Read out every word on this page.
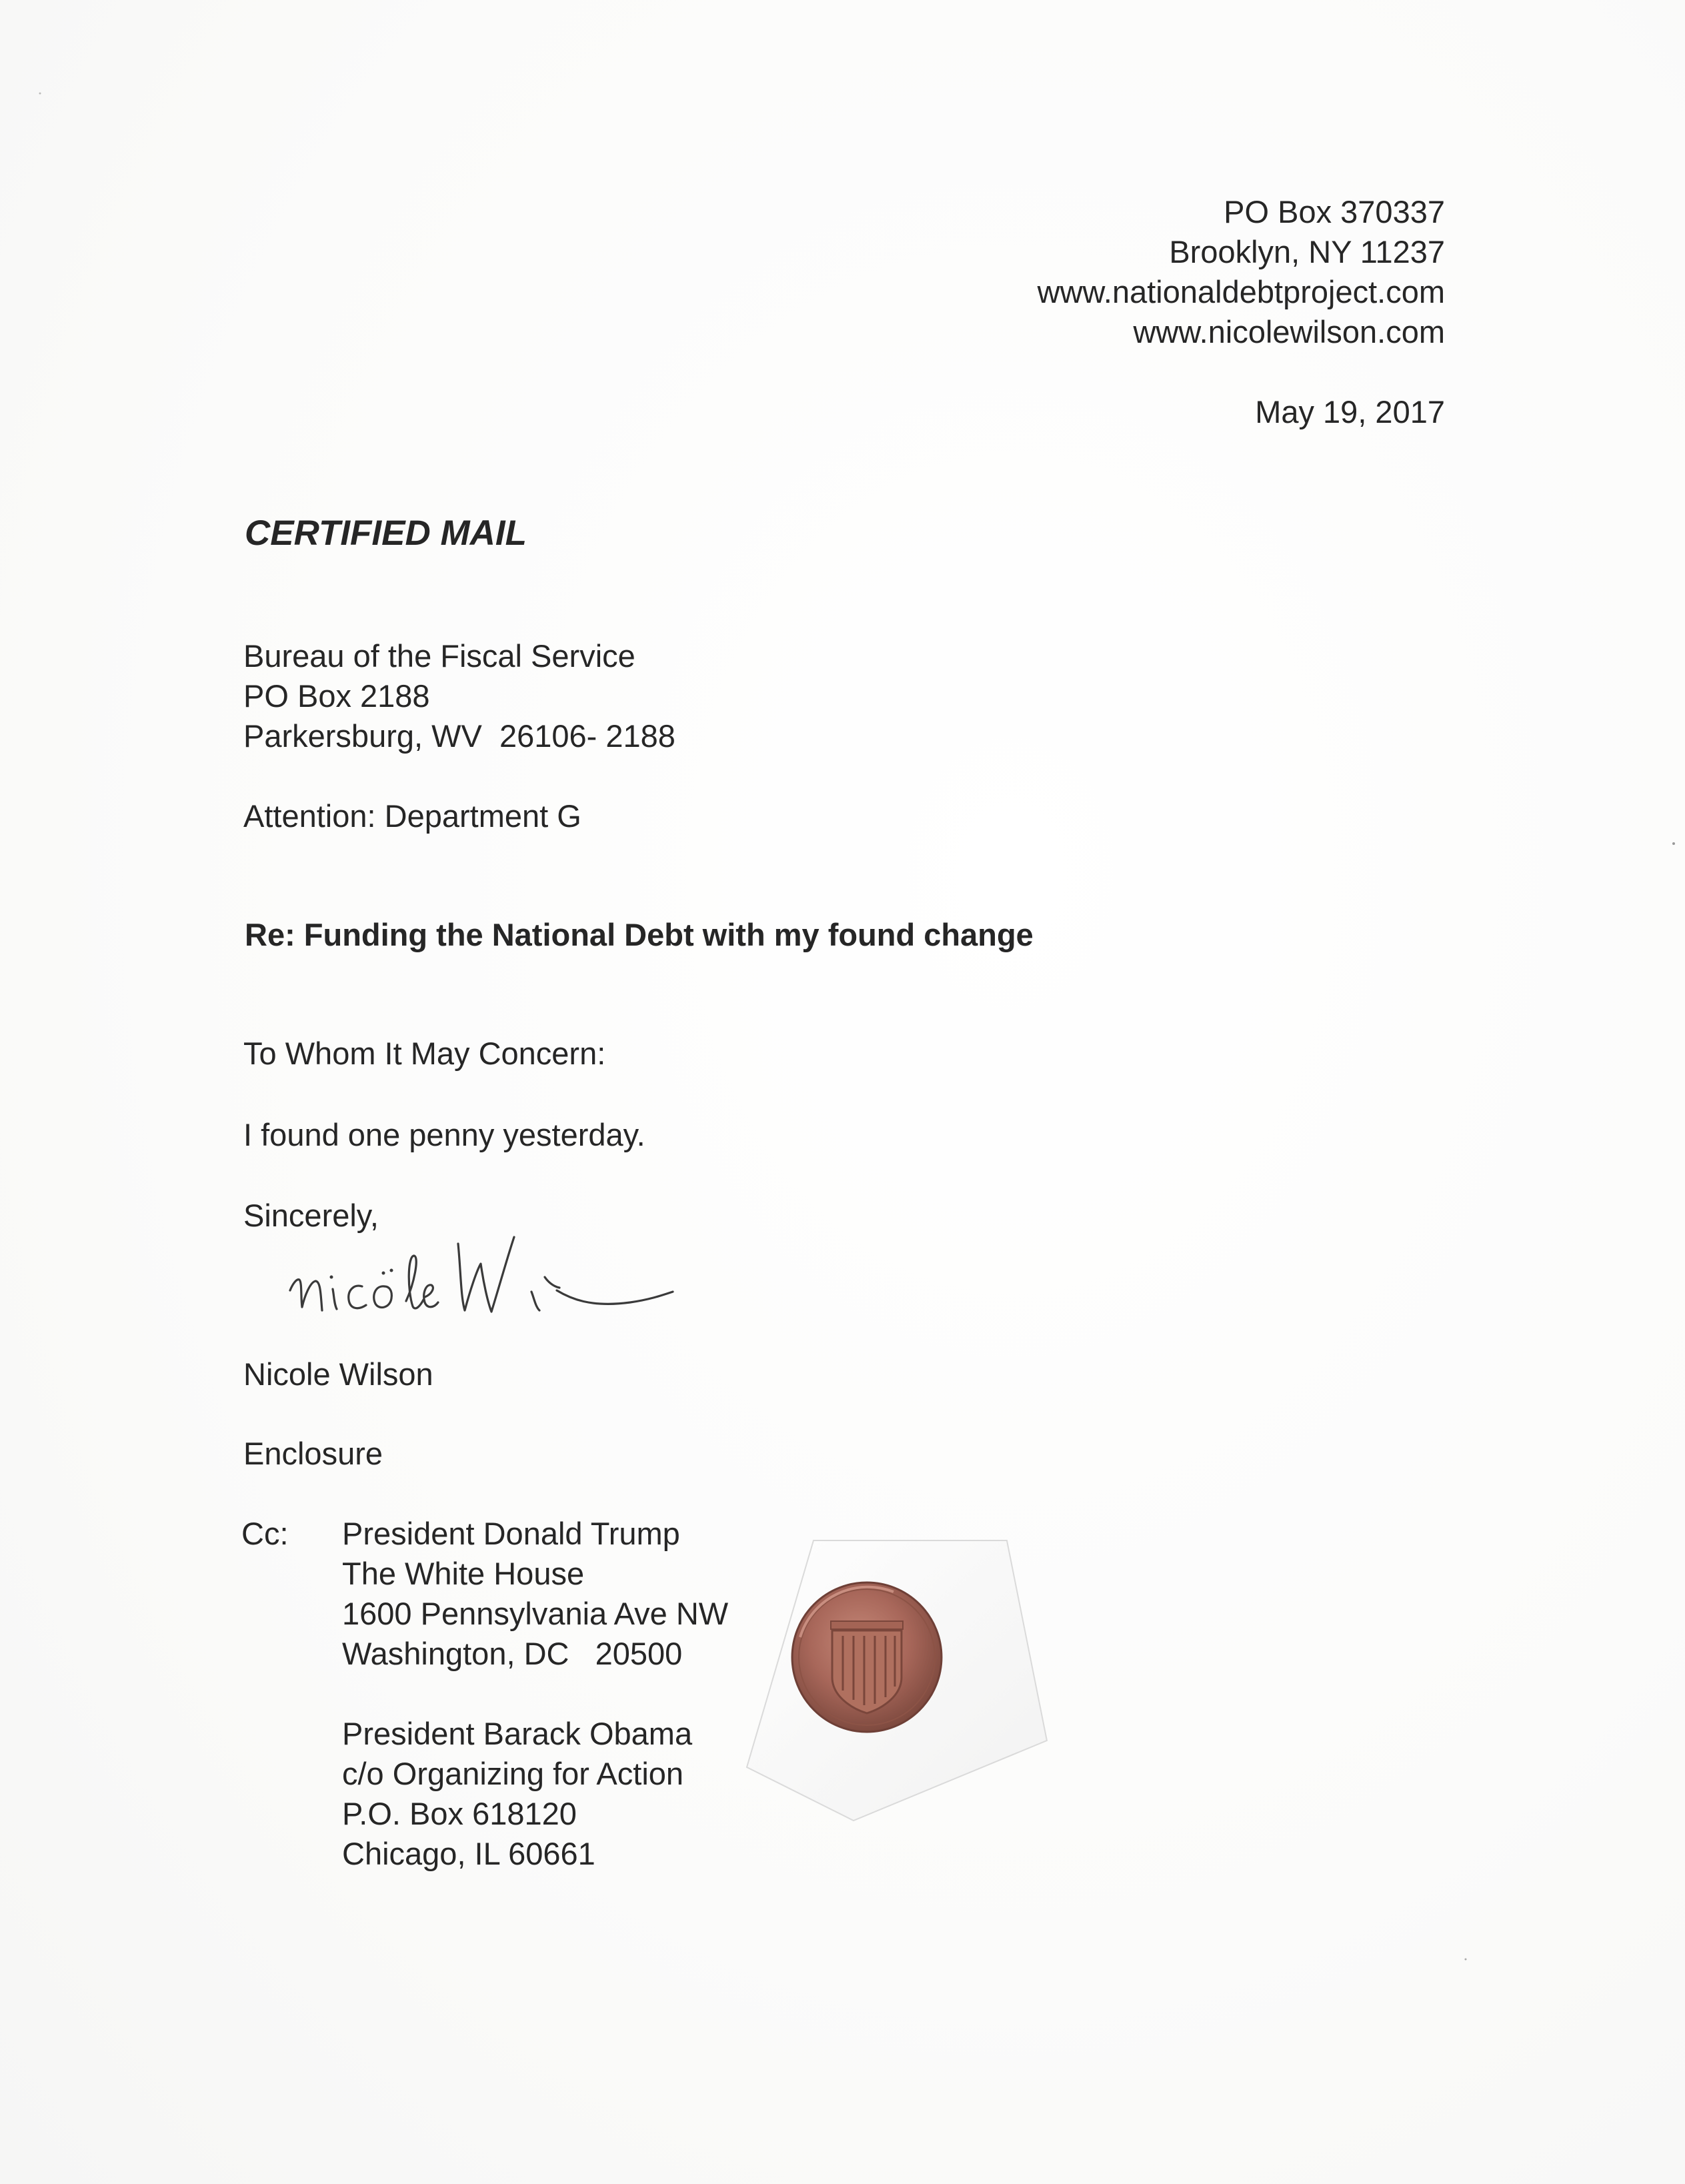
PO Box 370337
Brooklyn, NY 11237
www.nationaldebtproject.com
www.nicolewilson.com
May 19, 2017
CERTIFIED MAIL
Bureau of the Fiscal Service
PO Box 2188
Parkersburg, WV  26106- 2188
Attention: Department G
Re: Funding the National Debt with my found change
To Whom It May Concern:
I found one penny yesterday.
Sincerely,
Nicole Wilson
Enclosure
Cc: President Donald Trump
The White House
1600 Pennsylvania Ave NW
Washington, DC   20500
President Barack Obama
c/o Organizing for Action
P.O. Box 618120
Chicago, IL 60661
